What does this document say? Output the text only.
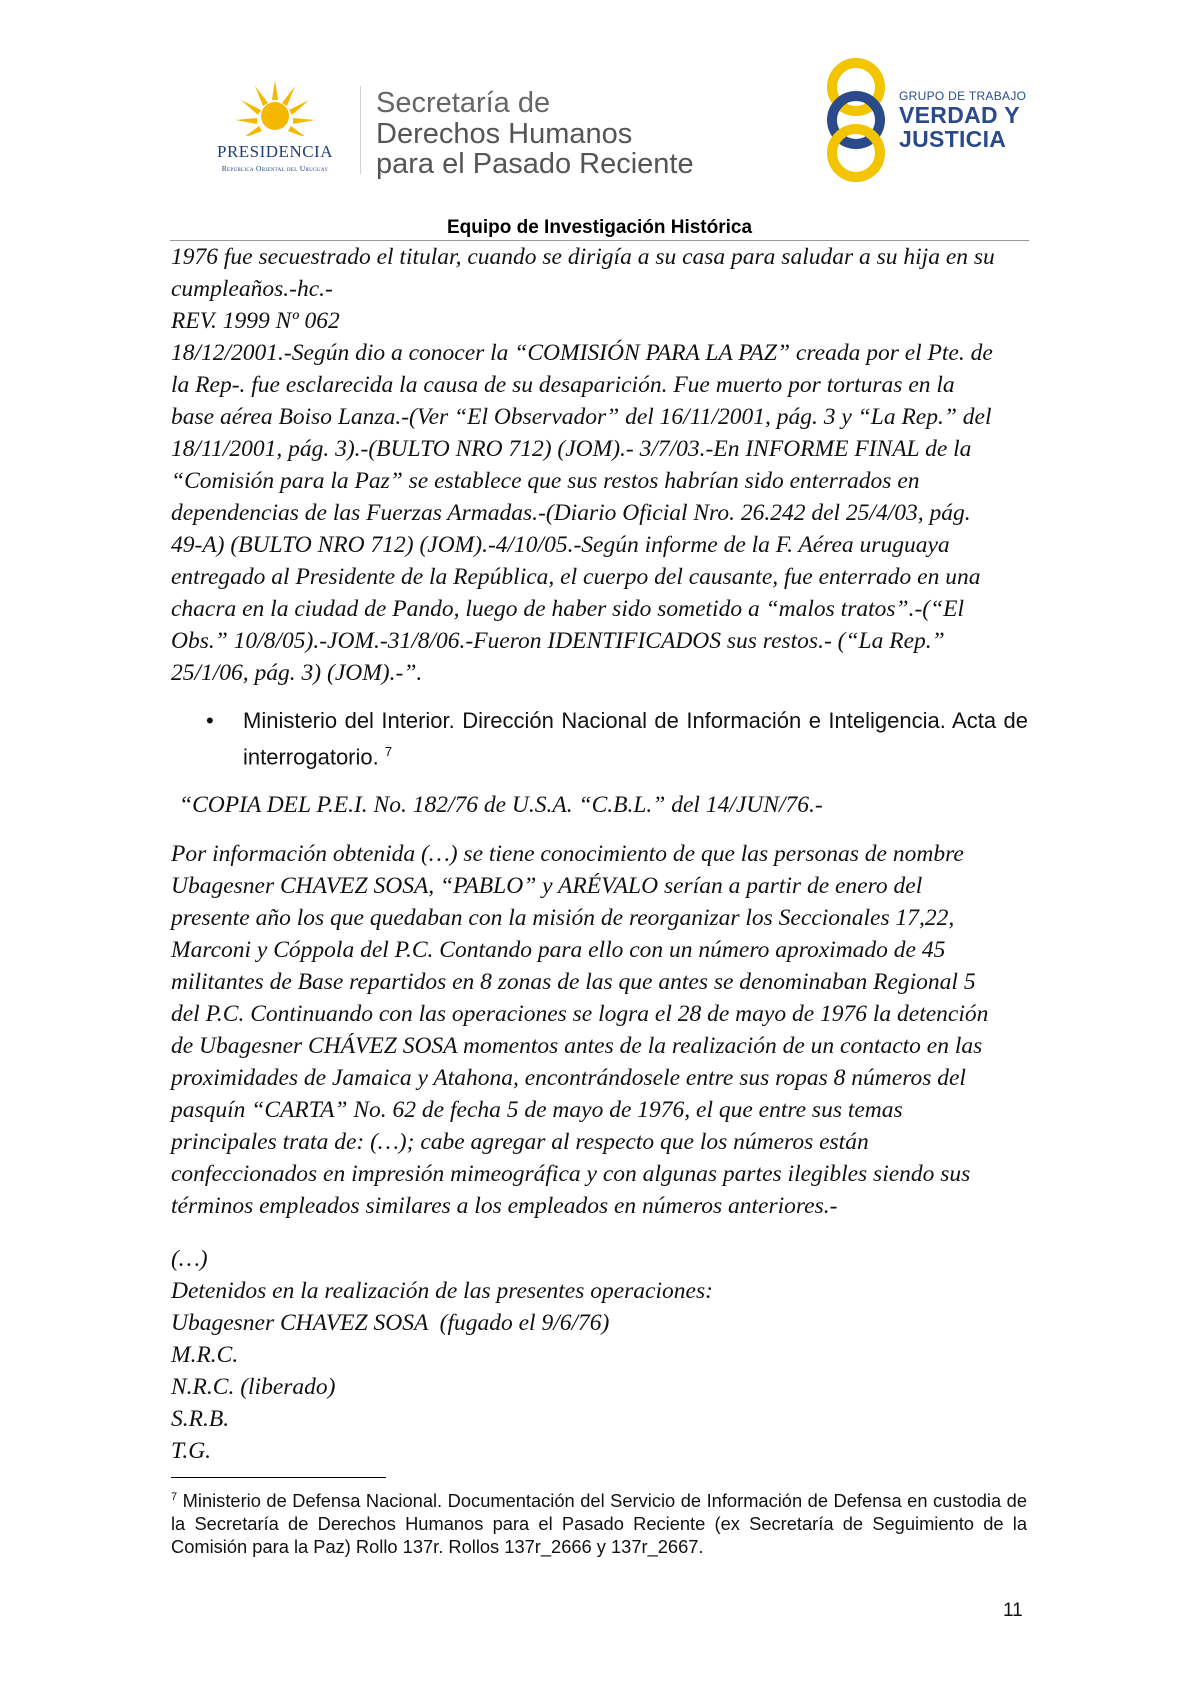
PRESIDENCIA
República Oriental del Uruguay
Secretaría de
Derechos Humanos
para el Pasado Reciente
GRUPO DE TRABAJO
VERDAD Y
JUSTICIA
Equipo de Investigación Histórica
1976 fue secuestrado el titular, cuando se dirigía a su casa para saludar a su hija en su
cumpleaños.-hc.-
REV. 1999 Nº 062
18/12/2001.-Según dio a conocer la “COMISIÓN PARA LA PAZ” creada por el Pte. de
la Rep-. fue esclarecida la causa de su desaparición. Fue muerto por torturas en la
base aérea Boiso Lanza.-(Ver “El Observador” del 16/11/2001, pág. 3 y “La Rep.” del
18/11/2001, pág. 3).-(BULTO NRO 712) (JOM).- 3/7/03.-En INFORME FINAL de la
“Comisión para la Paz” se establece que sus restos habrían sido enterrados en
dependencias de las Fuerzas Armadas.-(Diario Oficial Nro. 26.242 del 25/4/03, pág.
49-A) (BULTO NRO 712) (JOM).-4/10/05.-Según informe de la F. Aérea uruguaya
entregado al Presidente de la República, el cuerpo del causante, fue enterrado en una
chacra en la ciudad de Pando, luego de haber sido sometido a “malos tratos”.-(“El
Obs.” 10/8/05).-JOM.-31/8/06.-Fueron IDENTIFICADOS sus restos.- (“La Rep.”
25/1/06, pág. 3) (JOM).-”.
• Ministerio del Interior. Dirección Nacional de Información e Inteligencia. Acta de interrogatorio. $^7$
“COPIA DEL P.E.I. No. 182/76 de U.S.A. “C.B.L.” del 14/JUN/76.-
Por información obtenida (…) se tiene conocimiento de que las personas de nombre
Ubagesner CHAVEZ SOSA, “PABLO” y ARÉVALO serían a partir de enero del
presente año los que quedaban con la misión de reorganizar los Seccionales 17,22,
Marconi y Cóppola del P.C. Contando para ello con un número aproximado de 45
militantes de Base repartidos en 8 zonas de las que antes se denominaban Regional 5
del P.C. Continuando con las operaciones se logra el 28 de mayo de 1976 la detención
de Ubagesner CHÁVEZ SOSA momentos antes de la realización de un contacto en las
proximidades de Jamaica y Atahona, encontrándosele entre sus ropas 8 números del
pasquín “CARTA” No. 62 de fecha 5 de mayo de 1976, el que entre sus temas
principales trata de: (…); cabe agregar al respecto que los números están
confeccionados en impresión mimeográfica y con algunas partes ilegibles siendo sus
términos empleados similares a los empleados en números anteriores.-
(…)
Detenidos en la realización de las presentes operaciones:
Ubagesner CHAVEZ SOSA  (fugado el 9/6/76)
M.R.C.
N.R.C. (liberado)
S.R.B.
T.G.
$^7$ Ministerio de Defensa Nacional. Documentación del Servicio de Información de Defensa en custodia de la Secretaría de Derechos Humanos para el Pasado Reciente (ex Secretaría de Seguimiento de la Comisión para la Paz) Rollo 137r. Rollos 137r_2666 y 137r_2667.
11
